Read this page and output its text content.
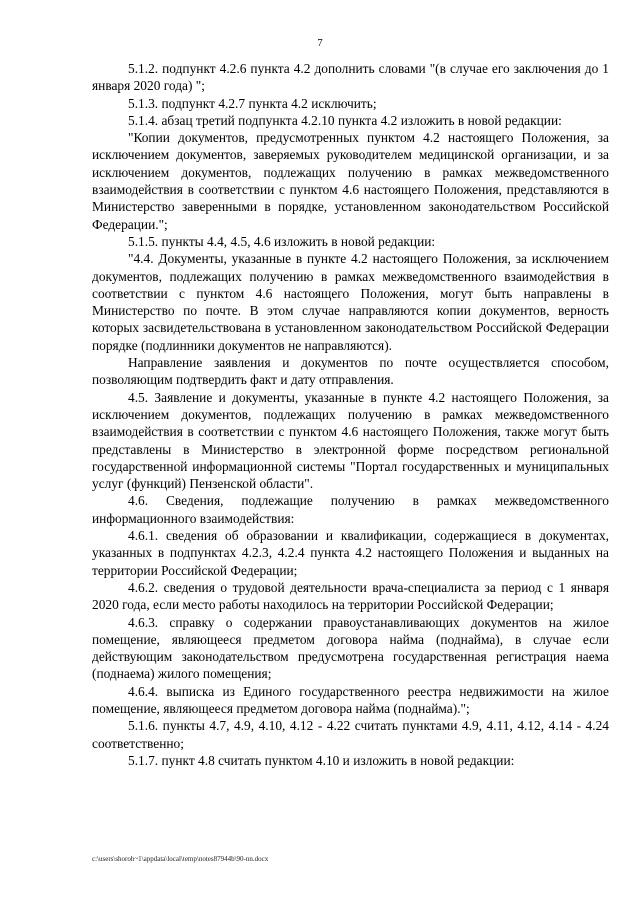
7

5.1.2. подпункт 4.2.6 пункта 4.2 дополнить словами "(в случае его заключения до 1 января 2020 года) ";

5.1.3. подпункт 4.2.7 пункта 4.2 исключить;

5.1.4. абзац третий подпункта 4.2.10 пункта 4.2 изложить в новой редакции:

"Копии документов, предусмотренных пунктом 4.2 настоящего Положения, за исключением документов, заверяемых руководителем медицинской организации, и за исключением документов, подлежащих получению в рамках межведомственного взаимодействия в соответствии с пунктом 4.6 настоящего Положения, представляются в Министерство заверенными в порядке, установленном законодательством Российской Федерации.";

5.1.5. пункты 4.4, 4.5, 4.6 изложить в новой редакции:

"4.4. Документы, указанные в пункте 4.2 настоящего Положения, за исключением документов, подлежащих получению в рамках межведомственного взаимодействия в соответствии с пунктом 4.6 настоящего Положения, могут быть направлены в Министерство по почте. В этом случае направляются копии документов, верность которых засвидетельствована в установленном законодательством Российской Федерации порядке (подлинники документов не направляются).

Направление заявления и документов по почте осуществляется способом, позволяющим подтвердить факт и дату отправления.

4.5. Заявление и документы, указанные в пункте 4.2 настоящего Положения, за исключением документов, подлежащих получению в рамках межведомственного взаимодействия в соответствии с пунктом 4.6 настоящего Положения, также могут быть представлены в Министерство в электронной форме посредством региональной государственной информационной системы "Портал государственных и муниципальных услуг (функций) Пензенской области".

4.6. Сведения, подлежащие получению в рамках межведомственного информационного взаимодействия:

4.6.1. сведения об образовании и квалификации, содержащиеся в документах, указанных в подпунктах 4.2.3, 4.2.4 пункта 4.2 настоящего Положения и выданных на территории Российской Федерации;

4.6.2. сведения о трудовой деятельности врача-специалиста за период с 1 января 2020 года, если место работы находилось на территории Российской Федерации;

4.6.3. справку о содержании правоустанавливающих документов на жилое помещение, являющееся предметом договора найма (поднайма), в случае если действующим законодательством предусмотрена государственная регистрация наема (поднаема) жилого помещения;

4.6.4. выписка из Единого государственного реестра недвижимости на жилое помещение, являющееся предметом договора найма (поднайма).";

5.1.6. пункты 4.7, 4.9, 4.10, 4.12 - 4.22 считать пунктами 4.9, 4.11, 4.12, 4.14 - 4.24 соответственно;

5.1.7. пункт 4.8 считать пунктом 4.10 и изложить в новой редакции:

c:\users\shoroh~1\appdata\local\temp\notes87944b\90-nn.docx
